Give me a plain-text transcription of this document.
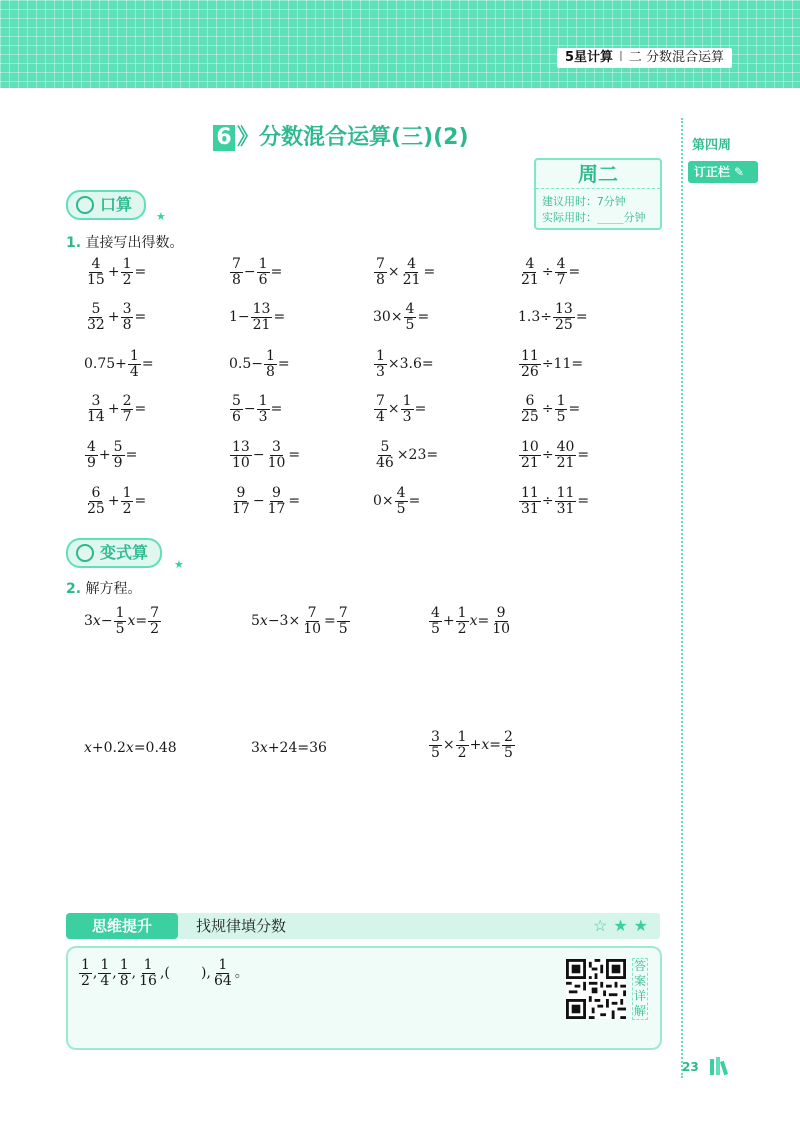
5星计算 I 二 分数混合运算
第四周
订正栏 ✎
23
6 》分数混合运算(三)(2)
周二
建议用时：7分钟
实际用时：____分钟
口算
★
1. 直接写出得数。
$\frac{4}{15} + \frac{1}{2}$ =	$\frac{7}{8} - \frac{1}{6}$ =	$\frac{7}{8} \times \frac{4}{21}$ =	$\frac{4}{21} \div \frac{4}{7}$ =
$\frac{5}{32} + \frac{3}{8}$ =	$1- \frac{13}{21}$ =	$30\times \frac{4}{5}$ =	$1.3\div \frac{13}{25}$ =
$0.75+ \frac{1}{4}$ =	$0.5- \frac{1}{8}$ =	$\frac{1}{3} \times 3.6=$	$\frac{11}{26} \div 11=$
$\frac{3}{14} + \frac{2}{7}$ =	$\frac{5}{6} - \frac{1}{3}$ =	$\frac{7}{4} \times \frac{1}{3}$ =	$\frac{6}{25} \div \frac{1}{5}$ =
$\frac{4}{9} + \frac{5}{9}$ =	$\frac{13}{10} - \frac{3}{10}$ =	$\frac{5}{46} \times 23=$	$\frac{10}{21} \div \frac{40}{21}$ =
$\frac{6}{25} + \frac{1}{2}$ =	$\frac{9}{17} - \frac{9}{17}$ =	$0\times \frac{4}{5}$ =	$\frac{11}{31} \div \frac{11}{31}$ =
变式算
★
2. 解方程。
$3x- \frac{1}{5} x= \frac{7}{2}$	$5x-3\times \frac{7}{10} = \frac{7}{5}$	$\frac{4}{5} + \frac{1}{2} x= \frac{9}{10}$
x+0.2x=0.48	3x+24=36	$\frac{3}{5} \times \frac{1}{2} +x= \frac{2}{5}$
思维提升	找规律填分数	☆★★
$\frac{1}{2}$ , $\frac{1}{4}$ , $\frac{1}{8}$ , $\frac{1}{16}$ ,(       ), $\frac{1}{64}$ 。	答案详解
